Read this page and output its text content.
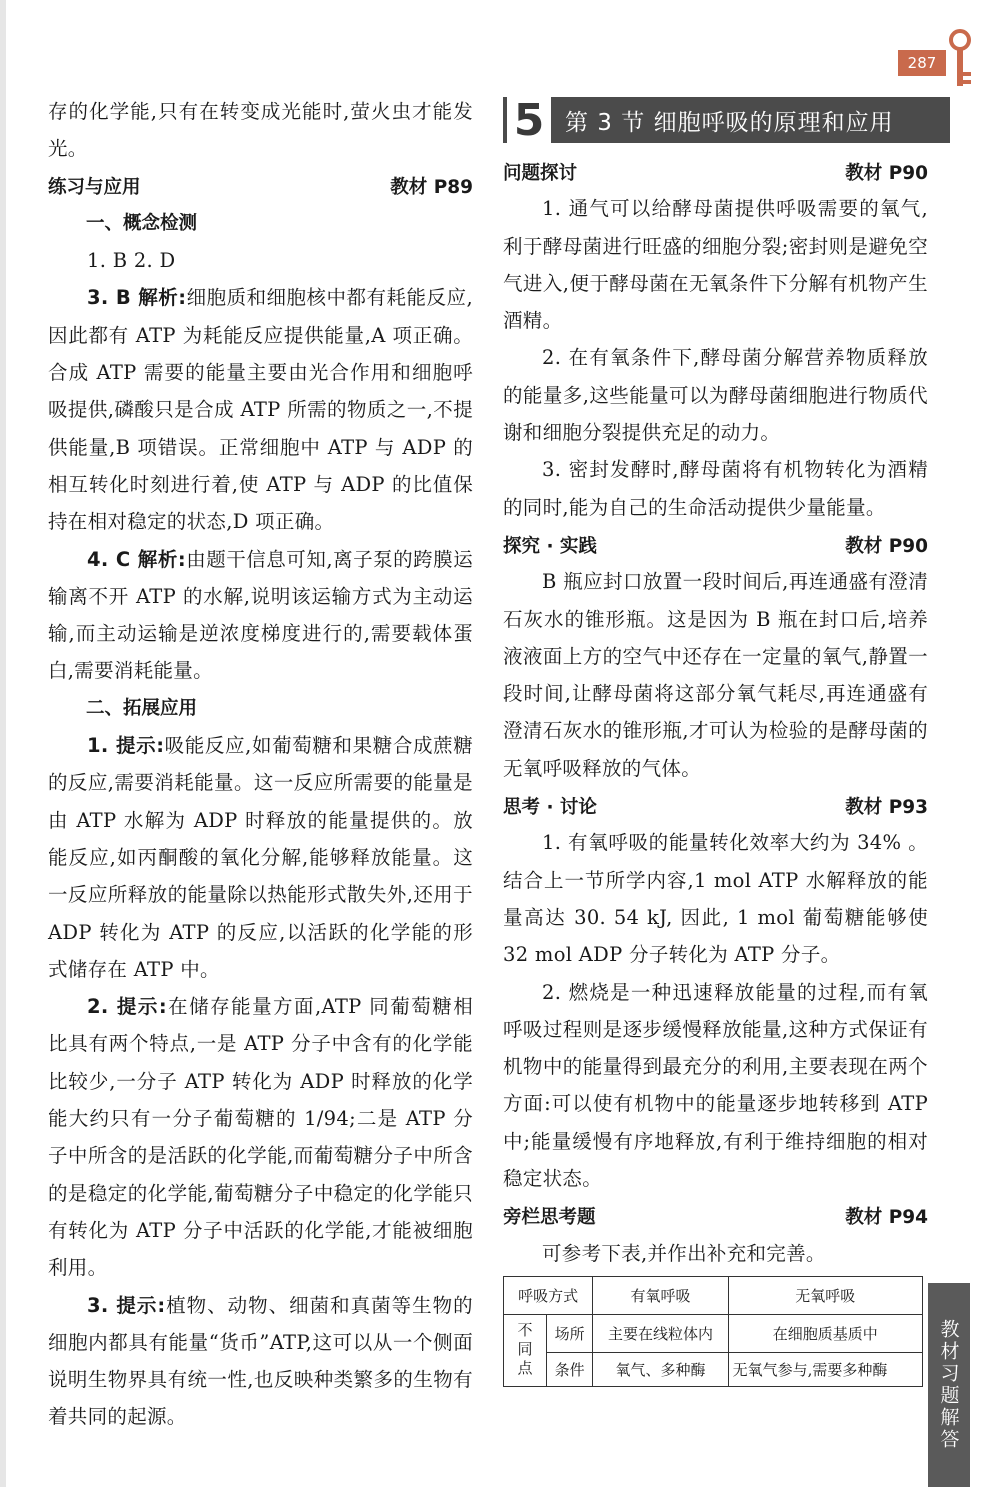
287

存的化学能,只有在转变成光能时,萤火虫才能发光。

练习与应用	教材 P89
一、概念检测

1. B 2. D

3. B 解析:细胞质和细胞核中都有耗能反应,因此都有 ATP 为耗能反应提供能量,A 项正确。合成 ATP 需要的能量主要由光合作用和细胞呼吸提供,磷酸只是合成 ATP 所需的物质之一,不提供能量,B 项错误。正常细胞中 ATP 与 ADP 的相互转化时刻进行着,使 ATP 与 ADP 的比值保持在相对稳定的状态,D 项正确。

4. C 解析:由题干信息可知,离子泵的跨膜运输离不开 ATP 的水解,说明该运输方式为主动运输,而主动运输是逆浓度梯度进行的,需要载体蛋白,需要消耗能量。

二、拓展应用

1. 提示:吸能反应,如葡萄糖和果糖合成蔗糖的反应,需要消耗能量。这一反应所需要的能量是由 ATP 水解为 ADP 时释放的能量提供的。放能反应,如丙酮酸的氧化分解,能够释放能量。这一反应所释放的能量除以热能形式散失外,还用于 ADP 转化为 ATP 的反应,以活跃的化学能的形式储存在 ATP 中。

2. 提示:在储存能量方面,ATP 同葡萄糖相比具有两个特点,一是 ATP 分子中含有的化学能比较少,一分子 ATP 转化为 ADP 时释放的化学能大约只有一分子葡萄糖的 1/94;二是 ATP 分子中所含的是活跃的化学能,而葡萄糖分子中所含的是稳定的化学能,葡萄糖分子中稳定的化学能只有转化为 ATP 分子中活跃的化学能,才能被细胞利用。

3. 提示:植物、动物、细菌和真菌等生物的细胞内都具有能量“货币”ATP,这可以从一个侧面说明生物界具有统一性,也反映种类繁多的生物有着共同的起源。

5 第 3 节 细胞呼吸的原理和应用
问题探讨	教材 P90

1. 通气可以给酵母菌提供呼吸需要的氧气,利于酵母菌进行旺盛的细胞分裂;密封则是避免空气进入,便于酵母菌在无氧条件下分解有机物产生酒精。

2. 在有氧条件下,酵母菌分解营养物质释放的能量多,这些能量可以为酵母菌细胞进行物质代谢和细胞分裂提供充足的动力。

3. 密封发酵时,酵母菌将有机物转化为酒精的同时,能为自己的生命活动提供少量能量。

探究 · 实践	教材 P90

B 瓶应封口放置一段时间后,再连通盛有澄清石灰水的锥形瓶。这是因为 B 瓶在封口后,培养液液面上方的空气中还存在一定量的氧气,静置一段时间,让酵母菌将这部分氧气耗尽,再连通盛有澄清石灰水的锥形瓶,才可认为检验的是酵母菌的无氧呼吸释放的气体。

思考 · 讨论	教材 P93

1. 有氧呼吸的能量转化效率大约为 34% 。结合上一节所学内容,1 mol ATP 水解释放的能量高达 30. 54 kJ, 因此, 1 mol 葡萄糖能够使 32 mol ADP 分子转化为 ATP 分子。

2. 燃烧是一种迅速释放能量的过程,而有氧呼吸过程则是逐步缓慢释放能量,这种方式保证有机物中的能量得到最充分的利用,主要表现在两个方面:可以使有机物中的能量逐步地转移到 ATP 中;能量缓慢有序地释放,有利于维持细胞的相对稳定状态。

旁栏思考题	教材 P94

可参考下表,并作出补充和完善。

呼吸方式		有氧呼吸	无氧呼吸
不同点	场所	主要在线粒体内	在细胞质基质中
	条件	氧气、多种酶	无氧气参与,需要多种酶	教材习题解答
